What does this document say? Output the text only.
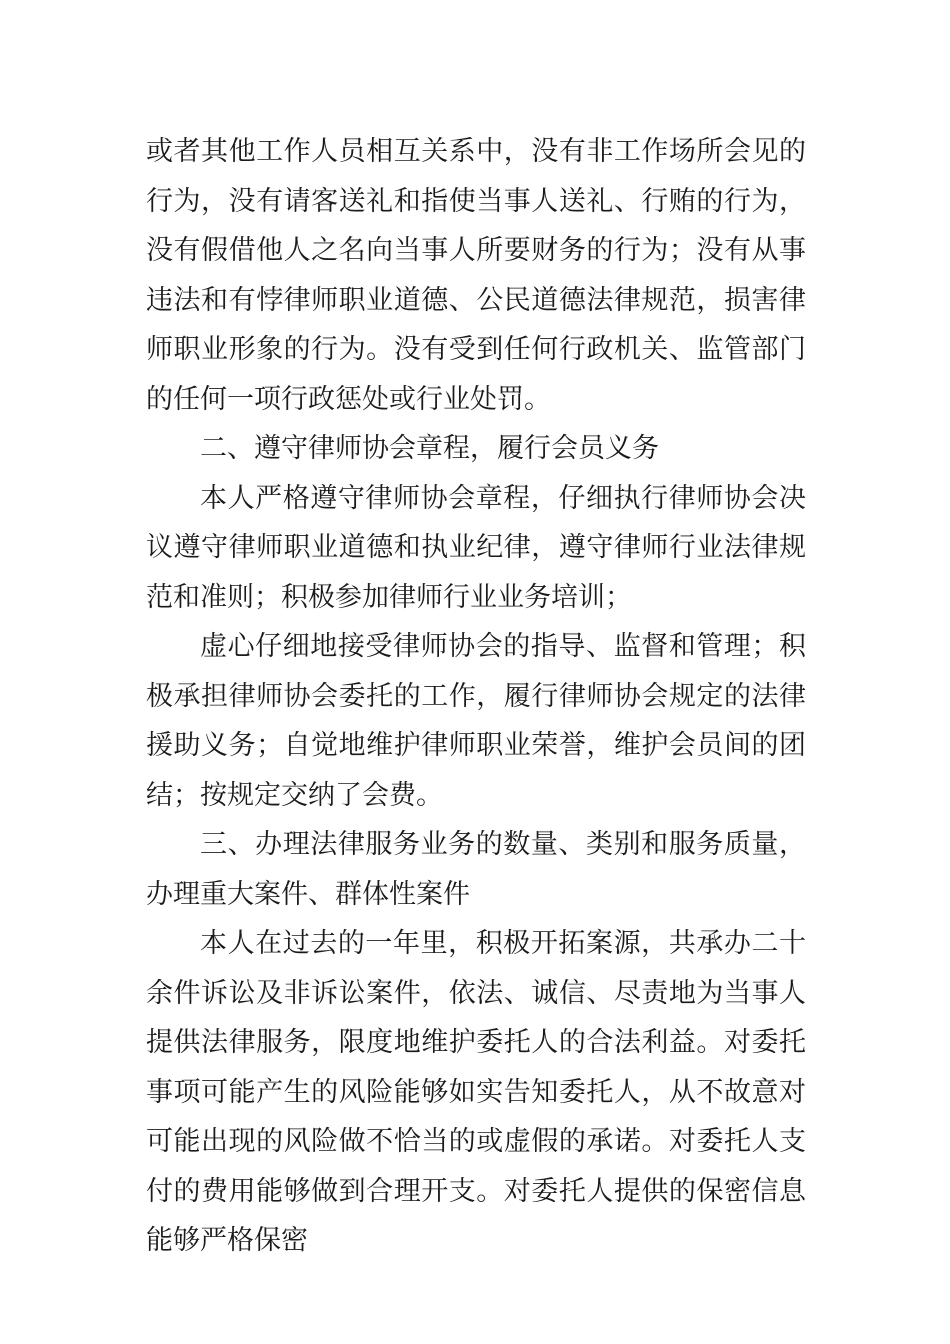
或者其他工作人员相互关系中，没有非工作场所会见的行为，没有请客送礼和指使当事人送礼、行贿的行为，没有假借他人之名向当事人所要财务的行为；没有从事违法和有悖律师职业道德、公民道德法律规范，损害律师职业形象的行为。没有受到任何行政机关、监管部门的任何一项行政惩处或行业处罚。

二、遵守律师协会章程，履行会员义务

本人严格遵守律师协会章程，仔细执行律师协会决议遵守律师职业道德和执业纪律，遵守律师行业法律规范和准则；积极参加律师行业业务培训；

虚心仔细地接受律师协会的指导、监督和管理；积极承担律师协会委托的工作，履行律师协会规定的法律援助义务；自觉地维护律师职业荣誉，维护会员间的团结；按规定交纳了会费。

三、办理法律服务业务的数量、类别和服务质量，办理重大案件、群体性案件

本人在过去的一年里，积极开拓案源，共承办二十余件诉讼及非诉讼案件，依法、诚信、尽责地为当事人提供法律服务，限度地维护委托人的合法利益。对委托事项可能产生的风险能够如实告知委托人，从不故意对可能出现的风险做不恰当的或虚假的承诺。对委托人支付的费用能够做到合理开支。对委托人提供的保密信息能够严格保密
